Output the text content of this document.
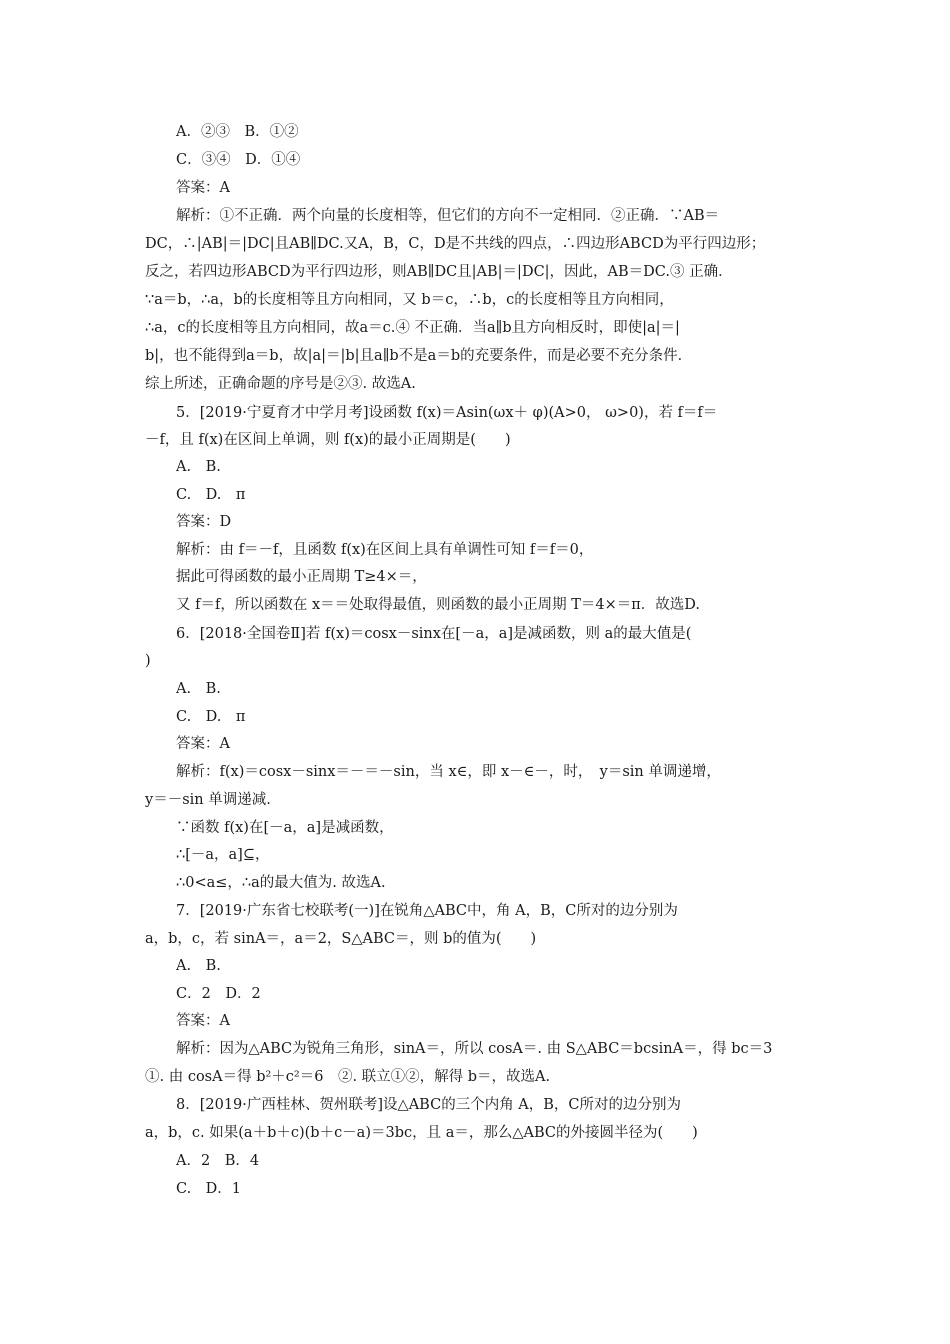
A．②③　B．①②
C．③④　D．①④
答案：A
解析：①不正确．两个向量的长度相等，但它们的方向不一定相同．②正确．∵AB＝
DC，∴|AB|＝|DC|且AB∥DC.又A，B，C，D是不共线的四点，∴四边形ABCD为平行四边形；
反之，若四边形ABCD为平行四边形，则AB∥DC且|AB|＝|DC|，因此，AB＝DC.③ 正确．
∵a＝b，∴a，b的长度相等且方向相同，又 b＝c，∴b，c的长度相等且方向相同，
∴a，c的长度相等且方向相同，故a＝c.④ 不正确．当a∥b且方向相反时，即使|a|＝|
b|，也不能得到a＝b，故|a|＝|b|且a∥b不是a＝b的充要条件，而是必要不充分条件．
综上所述，正确命题的序号是②③. 故选A.
5．[2019·宁夏育才中学月考]设函数 f(x)＝Asin(ωx＋ φ)(A>0， ω>0)，若 f＝f＝
－f，且 f(x)在区间上单调，则 f(x)的最小正周期是(　　)
A.　B.
C.　D.　π
答案：D
解析：由 f＝－f，且函数 f(x)在区间上具有单调性可知 f＝f＝0，
据此可得函数的最小正周期 T≥4×＝，
又 f＝f，所以函数在 x＝＝处取得最值，则函数的最小正周期 T＝4×＝π．故选D.
6．[2018·全国卷Ⅱ]若 f(x)＝cosx－sinx在[－a，a]是减函数，则 a的最大值是(
)
A.　B.
C.　D.　π
答案：A
解析：f(x)＝cosx－sinx＝－＝－sin，当 x∈，即 x－∈－，时，　y＝sin 单调递增，
y＝－sin 单调递减.
∵函数 f(x)在[－a，a]是减函数，
∴[－a，a]⊆，
∴0<a≤，∴a的最大值为. 故选A.
7．[2019·广东省七校联考(一)]在锐角△ABC中，角 A，B，C所对的边分别为
a，b，c，若 sinA＝，a＝2，S△ABC＝，则 b的值为(　　)
A.　B.
C．2　D．2
答案：A
解析：因为△ABC为锐角三角形，sinA＝，所以 cosA＝. 由 S△ABC＝bcsinA＝，得 bc＝3
①. 由 cosA＝得 b²＋c²＝6　②. 联立①②，解得 b＝，故选A.
8．[2019·广西桂林、贺州联考]设△ABC的三个内角 A，B，C所对的边分别为
a，b，c. 如果(a＋b＋c)(b＋c－a)＝3bc，且 a＝，那么△ABC的外接圆半径为(　　)
A．2　B．4
C.　D．1
